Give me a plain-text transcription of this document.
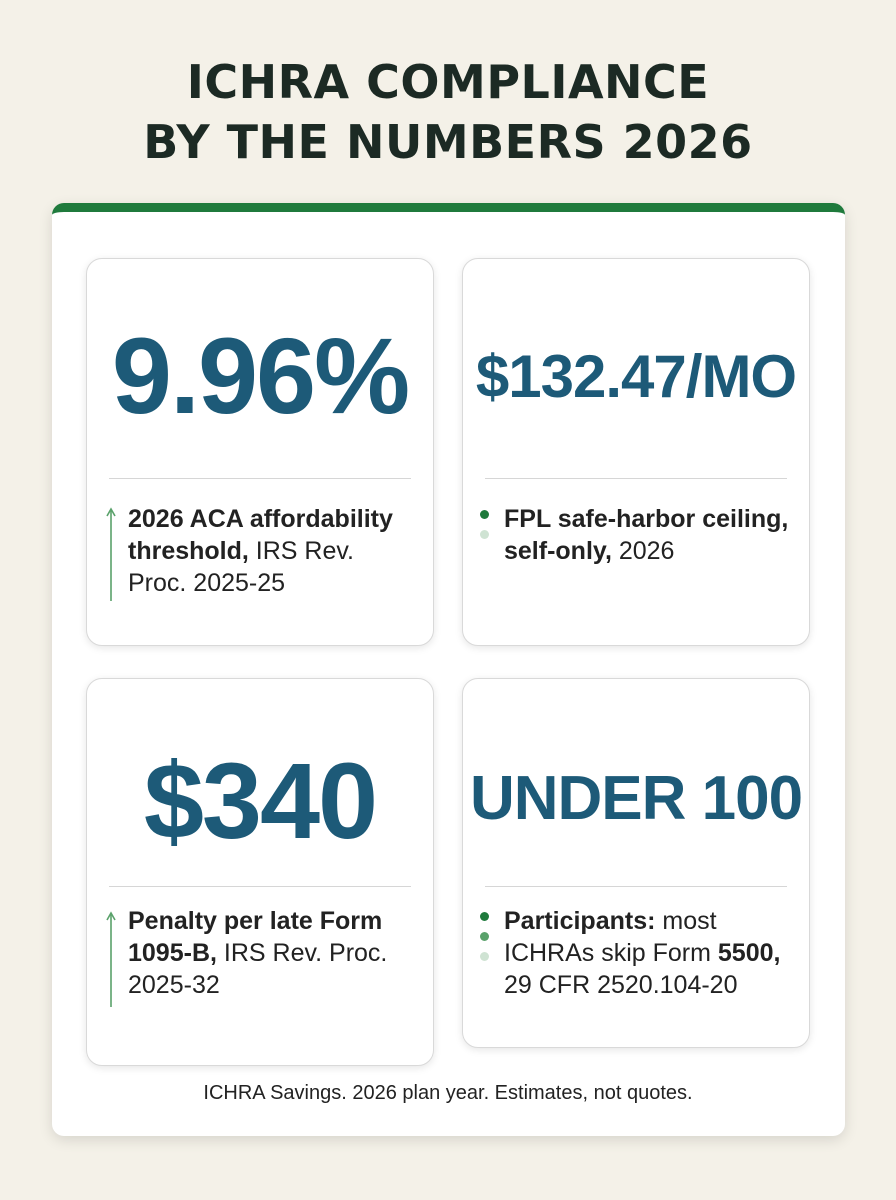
ICHRA COMPLIANCE
BY THE NUMBERS 2026
9.96%
2026 ACA affordability threshold, IRS Rev. Proc. 2025-25
$132.47/MO
FPL safe-harbor ceiling, self-only, 2026
$340
Penalty per late Form 1095-B, IRS Rev. Proc. 2025-32
UNDER 100
Participants: most ICHRAs skip Form 5500, 29 CFR 2520.104-20
ICHRA Savings. 2026 plan year. Estimates, not quotes.
